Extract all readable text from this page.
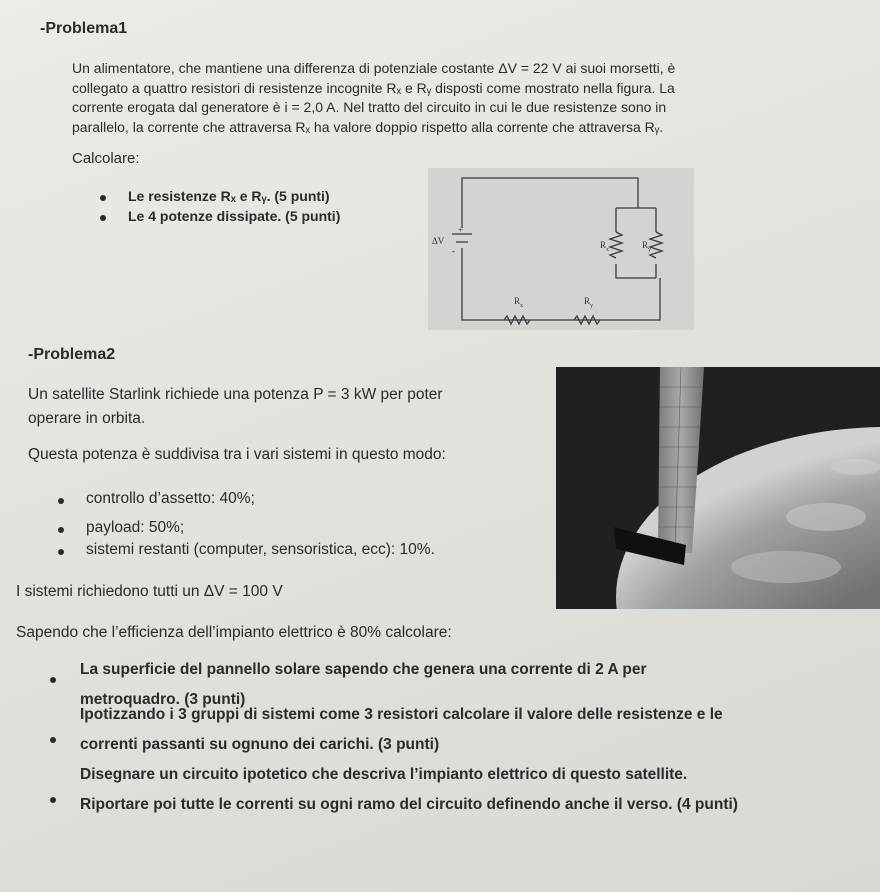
-Problema1
Un alimentatore, che mantiene una differenza di potenziale costante ΔV = 22 V ai suoi morsetti, è
collegato a quattro resistori di resistenze incognite Rₓ e Rᵧ disposti come mostrato nella figura. La
corrente erogata dal generatore è i = 2,0 A. Nel tratto del circuito in cui le due resistenze sono in
parallelo, la corrente che attraversa Rₓ ha valore doppio rispetto alla corrente che attraversa Rᵧ.
Calcolare:
Le resistenze Rₓ e Rᵧ. (5 punti)
Le 4 potenze dissipate. (5 punti)
ΔV
+
-
$R_x$	$R_y$
$R_x$	$R_y$
-Problema2
Un satellite Starlink richiede una potenza P = 3 kW per poter
operare in orbita.
Questa potenza è suddivisa tra i vari sistemi in questo modo:
controllo d’assetto: 40%;
payload: 50%;
sistemi restanti (computer, sensoristica, ecc): 10%.
I sistemi richiedono tutti un ΔV = 100 V
Sapendo che l’efficienza dell’impianto elettrico è 80% calcolare:
La superficie del pannello solare sapendo che genera una corrente di 2 A per
metroquadro. (3 punti)
Ipotizzando i 3 gruppi di sistemi come 3 resistori calcolare il valore delle resistenze e le
correnti passanti su ognuno dei carichi. (3 punti)
Disegnare un circuito ipotetico che descriva l’impianto elettrico di questo satellite.
Riportare poi tutte le correnti su ogni ramo del circuito definendo anche il verso. (4 punti)
